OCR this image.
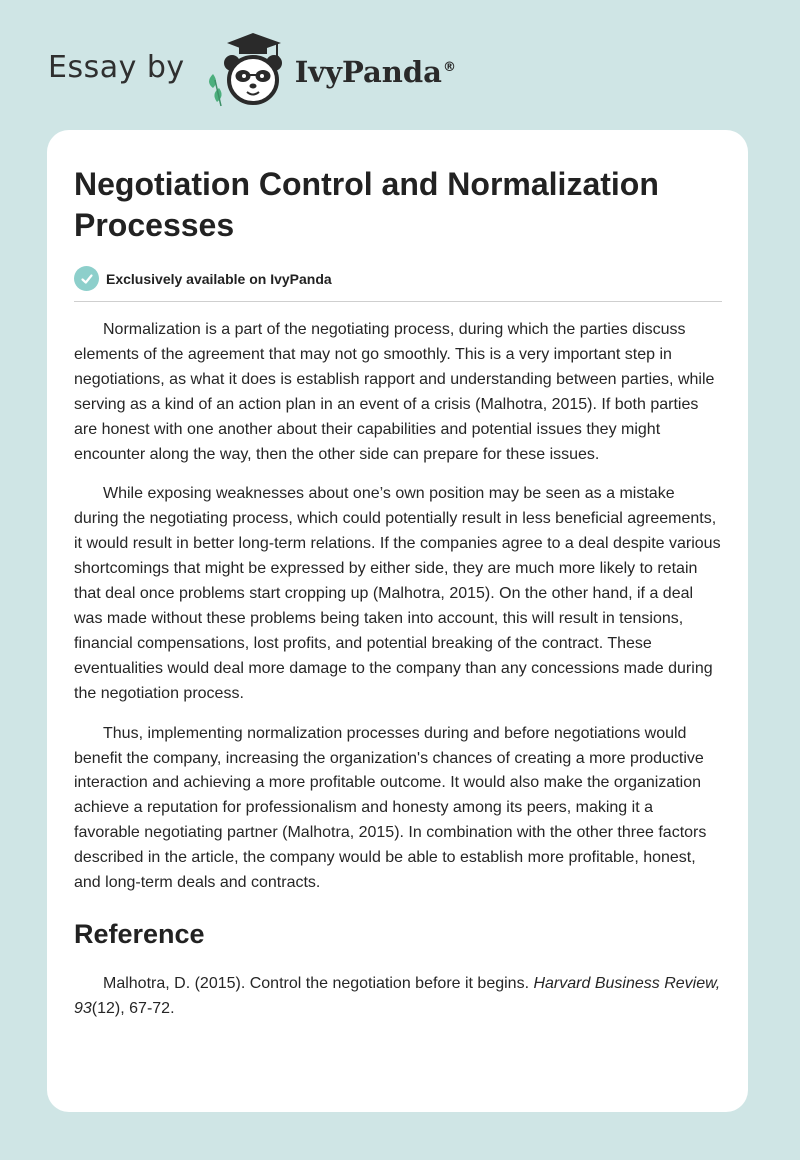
Essay by	IvyPanda®
Negotiation Control and Normalization Processes
Exclusively available on IvyPanda

Normalization is a part of the negotiating process, during which the parties discuss elements of the agreement that may not go smoothly. This is a very important step in negotiations, as what it does is establish rapport and understanding between parties, while serving as a kind of an action plan in an event of a crisis (Malhotra, 2015). If both parties are honest with one another about their capabilities and potential issues they might encounter along the way, then the other side can prepare for these issues.

While exposing weaknesses about one’s own position may be seen as a mistake during the negotiating process, which could potentially result in less beneficial agreements, it would result in better long-term relations. If the companies agree to a deal despite various shortcomings that might be expressed by either side, they are much more likely to retain that deal once problems start cropping up (Malhotra, 2015). On the other hand, if a deal was made without these problems being taken into account, this will result in tensions, financial compensations, lost profits, and potential breaking of the contract. These eventualities would deal more damage to the company than any concessions made during the negotiation process.

Thus, implementing normalization processes during and before negotiations would benefit the company, increasing the organization's chances of creating a more productive interaction and achieving a more profitable outcome. It would also make the organization achieve a reputation for professionalism and honesty among its peers, making it a favorable negotiating partner (Malhotra, 2015). In combination with the other three factors described in the article, the company would be able to establish more profitable, honest, and long-term deals and contracts.

Reference

Malhotra, D. (2015). Control the negotiation before it begins. Harvard Business Review, 93(12), 67-72.
